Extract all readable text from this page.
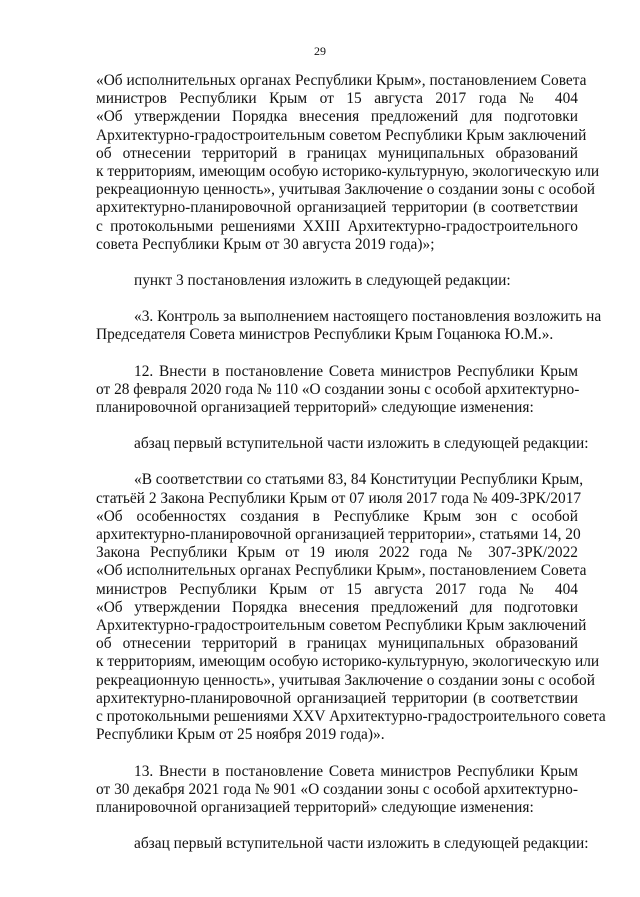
29
«Об исполнительных органах Республики Крым», постановлением Совета
министров Республики Крым от 15 августа 2017 года № 404
«Об утверждении Порядка внесения предложений для подготовки
Архитектурно-градостроительным советом Республики Крым заключений
об отнесении территорий в границах муниципальных образований
к территориям, имеющим особую историко-культурную, экологическую или
рекреационную ценность», учитывая Заключение о создании зоны с особой
архитектурно-планировочной организацией территории (в соответствии
с протокольными решениями XXIII Архитектурно-градостроительного
совета Республики Крым от 30 августа 2019 года)»;
пункт 3 постановления изложить в следующей редакции:
«3. Контроль за выполнением настоящего постановления возложить на
Председателя Совета министров Республики Крым Гоцанюка Ю.М.».
12. Внести в постановление Совета министров Республики Крым
от 28 февраля 2020 года № 110 «О создании зоны с особой архитектурно-
планировочной организацией территорий» следующие изменения:
абзац первый вступительной части изложить в следующей редакции:
«В соответствии со статьями 83, 84 Конституции Республики Крым,
статьёй 2 Закона Республики Крым от 07 июля 2017 года № 409-ЗРК/2017
«Об особенностях создания в Республике Крым зон с особой
архитектурно-планировочной организацией территории», статьями 14, 20
Закона Республики Крым от 19 июля 2022 года № 307-ЗРК/2022
«Об исполнительных органах Республики Крым», постановлением Совета
министров Республики Крым от 15 августа 2017 года № 404
«Об утверждении Порядка внесения предложений для подготовки
Архитектурно-градостроительным советом Республики Крым заключений
об отнесении территорий в границах муниципальных образований
к территориям, имеющим особую историко-культурную, экологическую или
рекреационную ценность», учитывая Заключение о создании зоны с особой
архитектурно-планировочной организацией территории (в соответствии
с протокольными решениями XXV Архитектурно-градостроительного совета
Республики Крым от 25 ноября 2019 года)».
13. Внести в постановление Совета министров Республики Крым
от 30 декабря 2021 года № 901 «О создании зоны с особой архитектурно-
планировочной организацией территорий» следующие изменения:
абзац первый вступительной части изложить в следующей редакции:
